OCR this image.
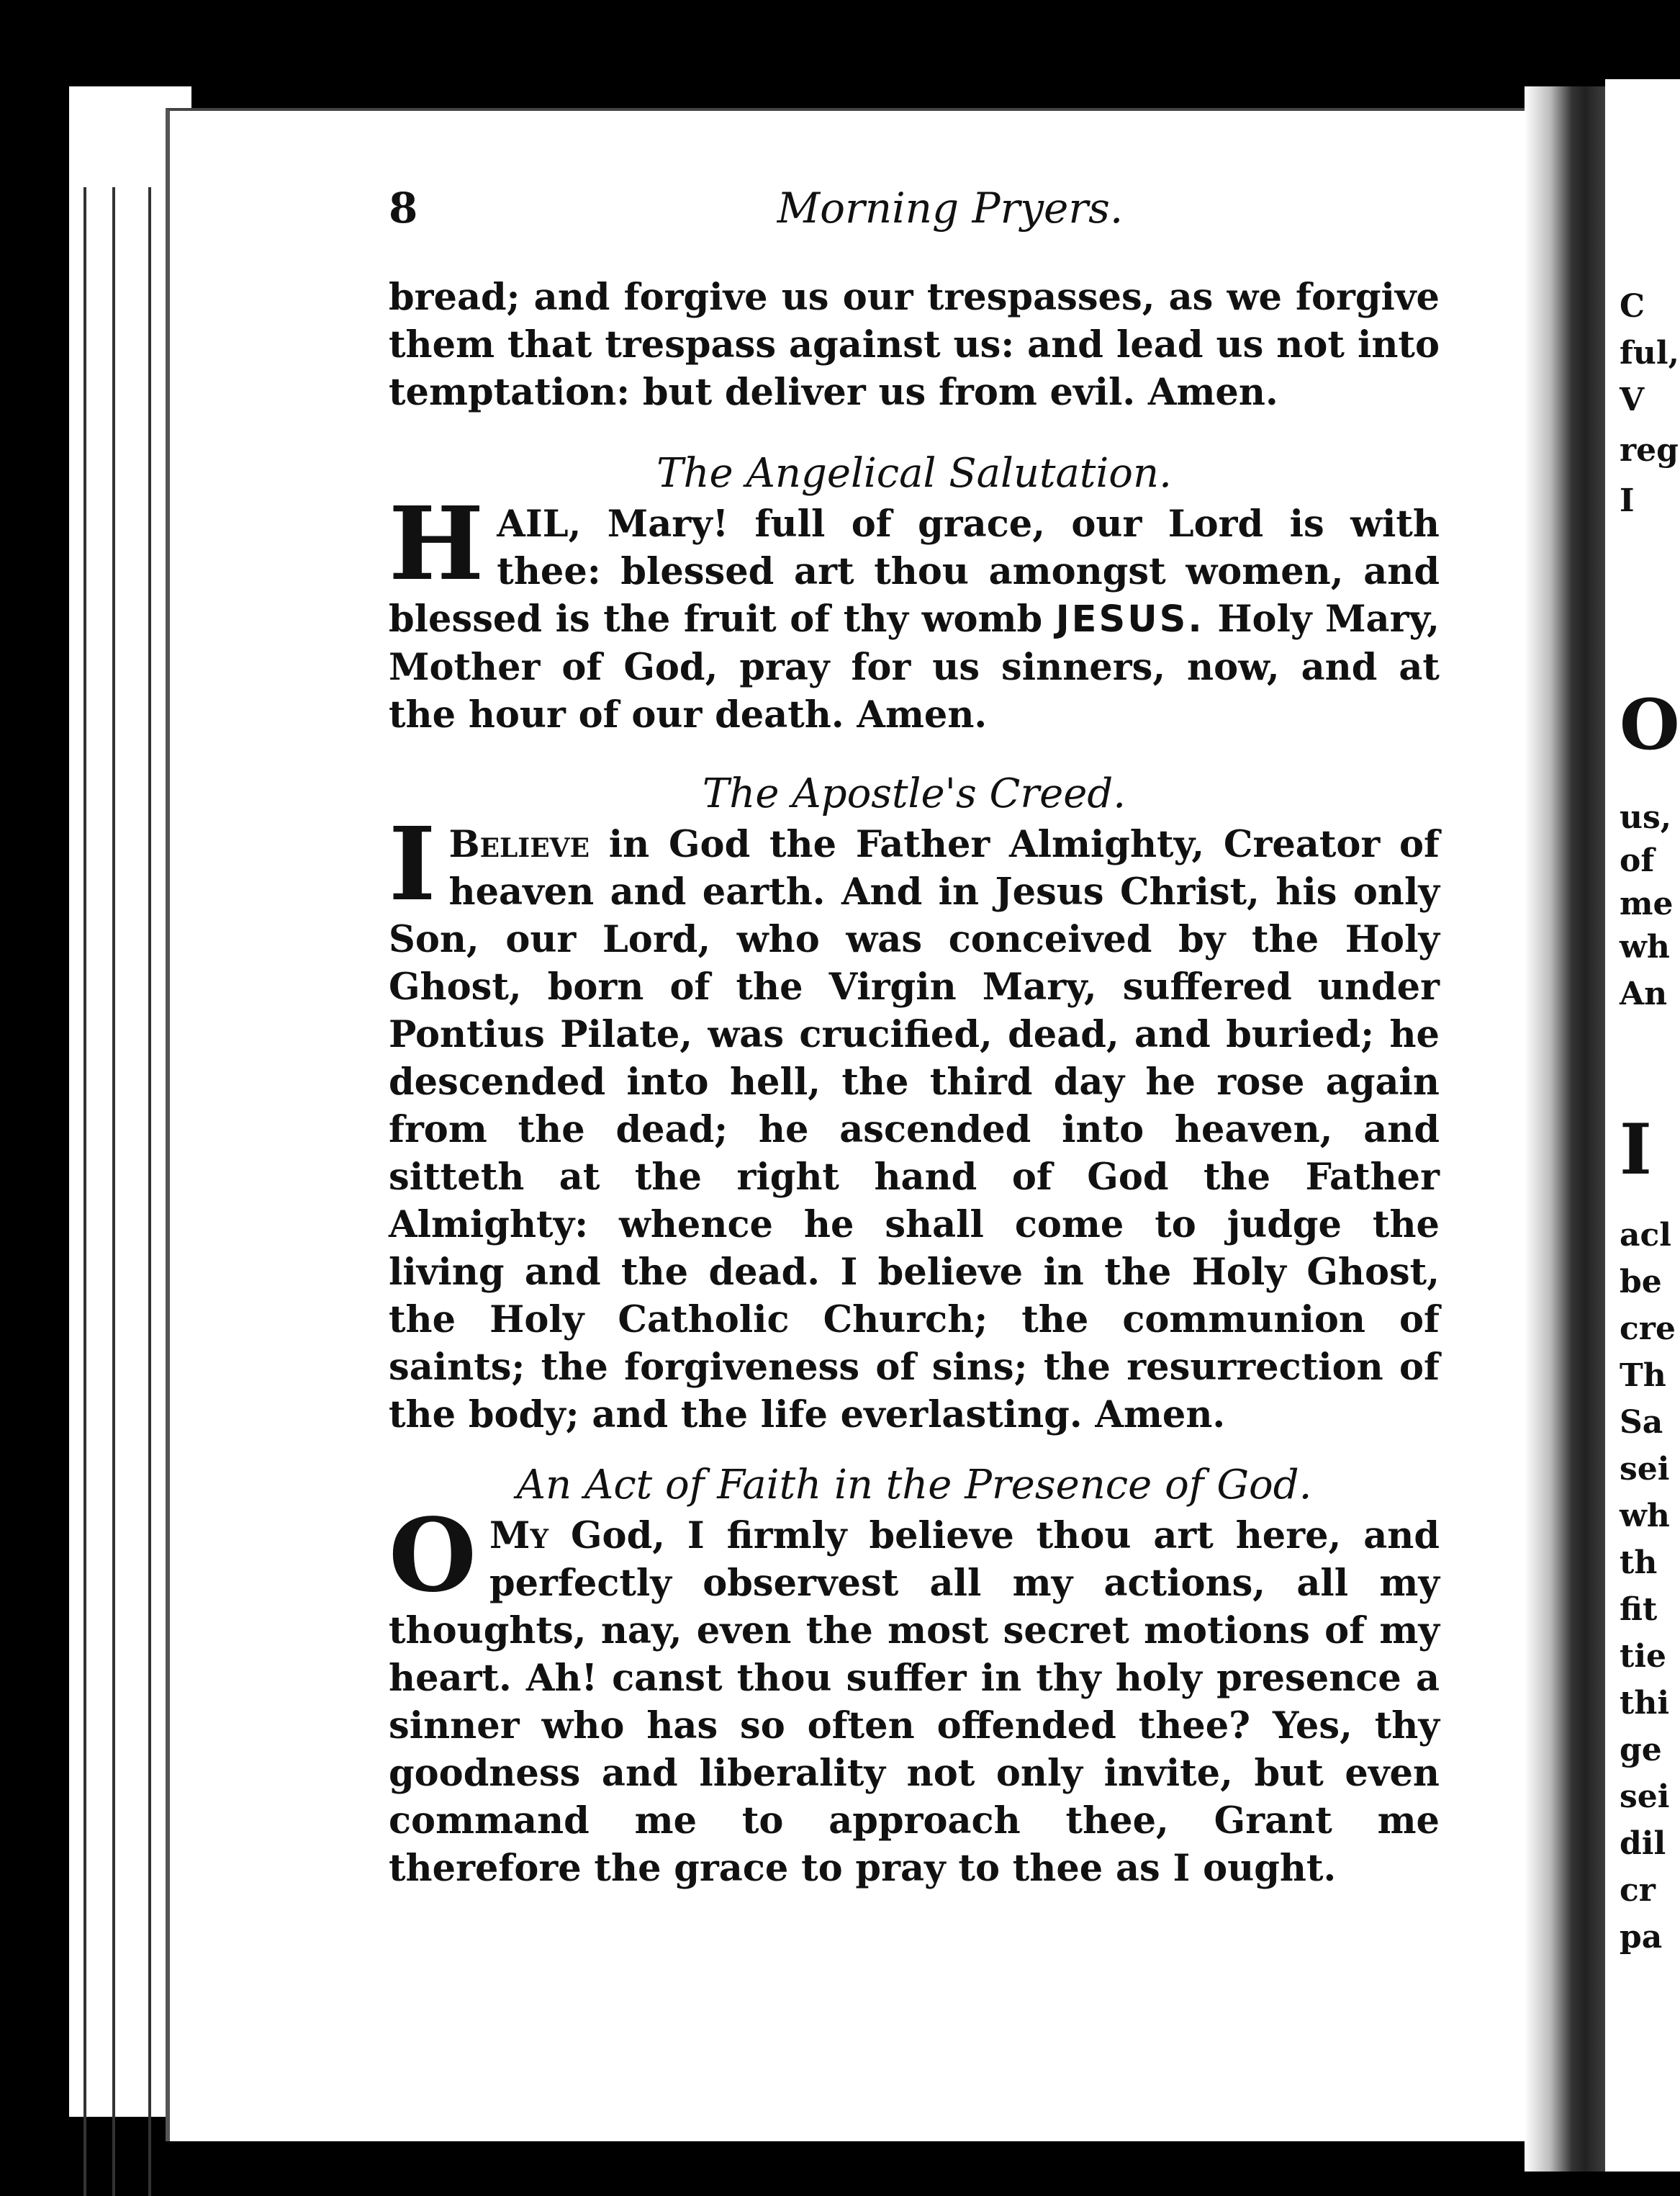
C
ful,
V
reg
I
O
us,
of
me
wh
An
I
acl
be
cre
Th
Sa
sei
wh
th
fit
tie
thi
ge
sei
dil
cr
pa
8	Morning Pryers.

bread; and forgive us our trespasses, as we forgive them that trespass against us: and lead us not into temptation: but deliver us from evil. Amen.

The Angelical Salutation.

HAIL, Mary! full of grace, our Lord is with thee: blessed art thou amongst women, and blessed is the fruit of thy womb JESUS. Holy Mary, Mother of God, pray for us sinners, now, and at the hour of our death. Amen.

The Apostle's Creed.

I Believe in God the Father Almighty, Creator of heaven and earth. And in Jesus Christ, his only Son, our Lord, who was conceived by the Holy Ghost, born of the Virgin Mary, suffered under Pontius Pilate, was crucified, dead, and buried; he descended into hell, the third day he rose again from the dead; he ascended into heaven, and sitteth at the right hand of God the Father Almighty: whence he shall come to judge the living and the dead. I believe in the Holy Ghost, the Holy Catholic Church; the communion of saints; the forgiveness of sins; the resurrection of the body; and the life everlasting. Amen.

An Act of Faith in the Presence of God.

O My God, I firmly believe thou art here, and perfectly observest all my actions, all my thoughts, nay, even the most secret motions of my heart. Ah! canst thou suffer in thy holy presence a sinner who has so often offended thee? Yes, thy goodness and liberality not only invite, but even command me to approach thee, Grant me therefore the grace to pray to thee as I ought.
